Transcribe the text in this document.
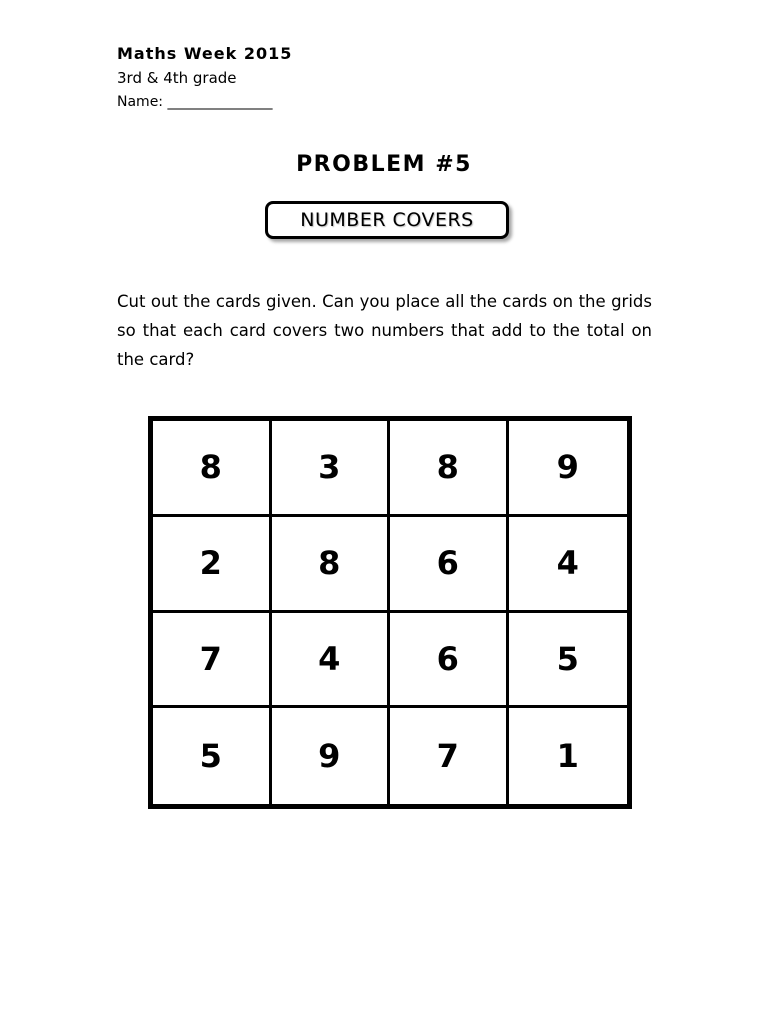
Maths Week 2015

3rd & 4th grade

Name: _______________

PROBLEM #5
NUMBER COVERS

Cut out the cards given. Can you place all the cards on the grids so that each card covers two numbers that add to the total on the card?

8	3	8	9
2	8	6	4
7	4	6	5
5	9	7	1
